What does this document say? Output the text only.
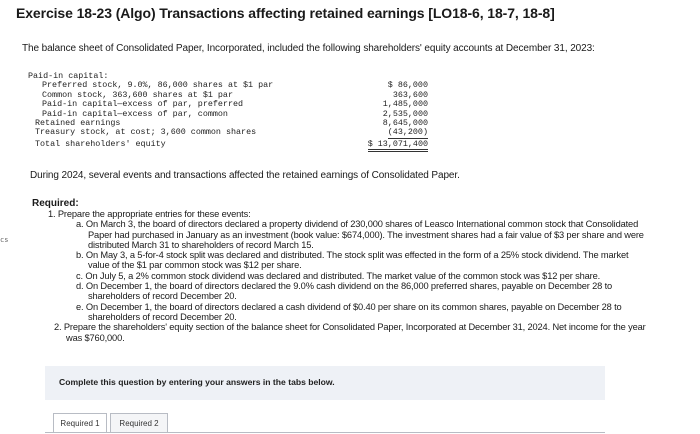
cs
Exercise 18-23 (Algo) Transactions affecting retained earnings [LO18-6, 18-7, 18-8]
The balance sheet of Consolidated Paper, Incorporated, included the following shareholders' equity accounts at December 31, 2023:
Paid-in capital:
Preferred stock, 9.0%, 86,000 shares at $1 par	$ 86,000
Common stock, 363,600 shares at $1 par	363,600
Paid-in capital—excess of par, preferred	1,485,000
Paid-in capital—excess of par, common	2,535,000
Retained earnings	8,645,000
Treasury stock, at cost; 3,600 common shares	(43,200)
Total shareholders' equity	$ 13,071,400
During 2024, several events and transactions affected the retained earnings of Consolidated Paper.
Required:
1. Prepare the appropriate entries for these events:
a. On March 3, the board of directors declared a property dividend of 230,000 shares of Leasco International common stock that Consolidated Paper had purchased in January as an investment (book value: $674,000). The investment shares had a fair value of $3 per share and were distributed March 31 to shareholders of record March 15.
b. On May 3, a 5-for-4 stock split was declared and distributed. The stock split was effected in the form of a 25% stock dividend. The market value of the $1 par common stock was $12 per share.
c. On July 5, a 2% common stock dividend was declared and distributed. The market value of the common stock was $12 per share.
d. On December 1, the board of directors declared the 9.0% cash dividend on the 86,000 preferred shares, payable on December 28 to shareholders of record December 20.
e. On December 1, the board of directors declared a cash dividend of $0.40 per share on its common shares, payable on December 28 to shareholders of record December 20.
2. Prepare the shareholders' equity section of the balance sheet for Consolidated Paper, Incorporated at December 31, 2024. Net income for the year was $760,000.
Complete this question by entering your answers in the tabs below.
Required 1	Required 2
